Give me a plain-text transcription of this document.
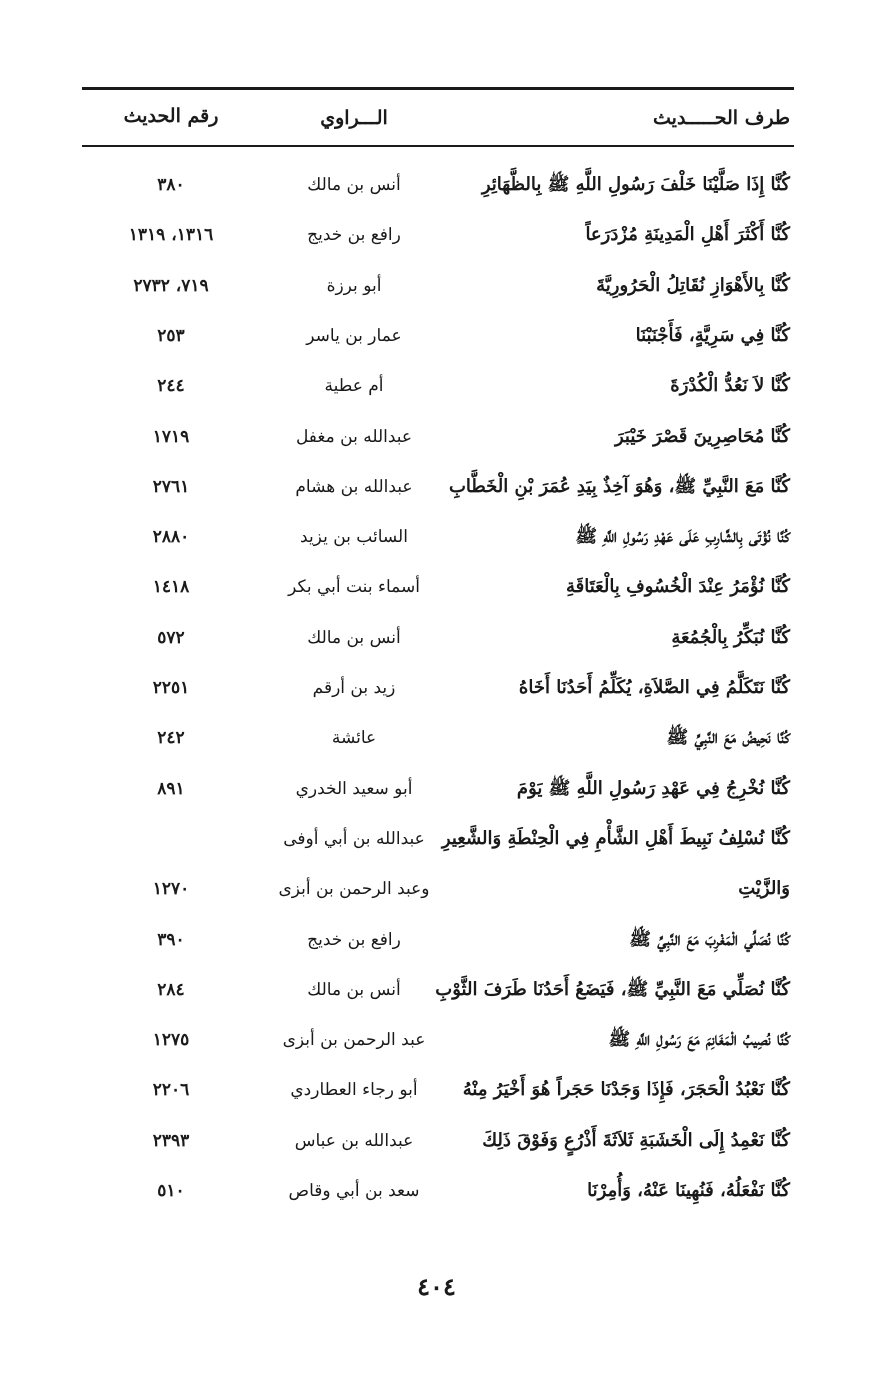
طرف الحـــــديث
الـــراوي
رقم الحديث
كُنَّا إِذَا صَلَّيْنَا خَلْفَ رَسُولِ اللَّهِ ﷺ بِالظَّهَائِرِ
أنس بن مالك
٣٨٠
كُنَّا أَكْثَرَ أَهْلِ الْمَدِينَةِ مُزْدَرَعاً
رافع بن خديج
١٣١٦، ١٣١٩
كُنَّا بِالأَهْوَازِ نُقَاتِلُ الْحَرُورِيَّةَ
أبو برزة
٧١٩، ٢٧٣٢
كُنَّا فِي سَرِيَّةٍ، فَأَجْنَبْنَا
عمار بن ياسر
٢٥٣
كُنَّا لاَ نَعُدُّ الْكُدْرَةَ
أم عطية
٢٤٤
كُنَّا مُحَاصِرِينَ قَصْرَ خَيْبَرَ
عبدالله بن مغفل
١٧١٩
كُنَّا مَعَ النَّبِيِّ ﷺ، وَهُوَ آخِذٌ بِيَدِ عُمَرَ بْنِ الْخَطَّابِ
عبدالله بن هشام
٢٧٦١
كُنَّا نُؤْتَى بِالشَّارِبِ عَلَى عَهْدِ رَسُولِ اللَّهِ ﷺ
السائب بن يزيد
٢٨٨٠
كُنَّا نُؤْمَرُ عِنْدَ الْخُسُوفِ بِالْعَتَاقَةِ
أسماء بنت أبي بكر
١٤١٨
كُنَّا نُبَكِّرُ بِالْجُمُعَةِ
أنس بن مالك
٥٧٢
كُنَّا نَتَكَلَّمُ فِي الصَّلاَةِ، يُكَلِّمُ أَحَدُنَا أَخَاهُ
زيد بن أرقم
٢٢٥١
كُنَّا نَحِيضُ مَعَ النَّبِيِّ ﷺ
عائشة
٢٤٢
كُنَّا نُخْرِجُ فِي عَهْدِ رَسُولِ اللَّهِ ﷺ يَوْمَ
أبو سعيد الخدري
٨٩١
كُنَّا نُسْلِفُ نَبِيطَ أَهْلِ الشَّأْمِ فِي الْحِنْطَةِ وَالشَّعِيرِ
عبدالله بن أبي أوفى
وَالزَّيْتِ
وعبد الرحمن بن أبزى
١٢٧٠
كُنَّا نُصَلِّي الْمَغْرِبَ مَعَ النَّبِيِّ ﷺ
رافع بن خديج
٣٩٠
كُنَّا نُصَلِّي مَعَ النَّبِيِّ ﷺ، فَيَضَعُ أَحَدُنَا طَرَفَ الثَّوْبِ
أنس بن مالك
٢٨٤
كُنَّا نُصِيبُ الْمَغَانِمَ مَعَ رَسُولِ اللَّهِ ﷺ
عبد الرحمن بن أبزى
١٢٧٥
كُنَّا نَعْبُدُ الْحَجَرَ، فَإِذَا وَجَدْنَا حَجَراً هُوَ أَخْيَرُ مِنْهُ
أبو رجاء العطاردي
٢٢٠٦
كُنَّا نَعْمِدُ إِلَى الْخَشَبَةِ ثَلاَثَةَ أَذْرُعٍ وَفَوْقَ ذَلِكَ
عبدالله بن عباس
٢٣٩٣
كُنَّا نَفْعَلُهُ، فَنُهِينَا عَنْهُ، وَأُمِرْنَا
سعد بن أبي وقاص
٥١٠
٤٠٤
